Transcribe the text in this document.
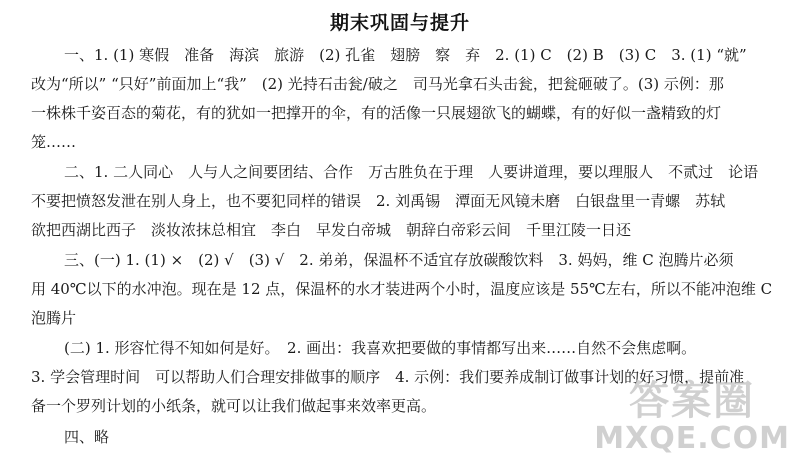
期末巩固与提升
一、1. (1) 寒假　准备　海滨　旅游　(2) 孔雀　翅膀　察　弃　2. (1) C　(2) B　(3) C　3. (1) “就”
改为“所以” “只好”前面加上“我”　(2) 光持石击瓮/破之　司马光拿石头击瓮，把瓮砸破了。(3) 示例：那
一株株千姿百态的菊花，有的犹如一把撑开的伞，有的活像一只展翅欲飞的蝴蝶，有的好似一盏精致的灯
笼……
二、1. 二人同心　人与人之间要团结、合作　万古胜负在于理　人要讲道理，要以理服人　不贰过　论语
不要把愤怒发泄在别人身上，也不要犯同样的错误　2. 刘禹锡　潭面无风镜未磨　白银盘里一青螺　苏轼
欲把西湖比西子　淡妆浓抹总相宜　李白　早发白帝城　朝辞白帝彩云间　千里江陵一日还
三、(一) 1. (1) ×　(2) √　(3) √　2. 弟弟，保温杯不适宜存放碳酸饮料　3. 妈妈，维 C 泡腾片必须
用 40℃以下的水冲泡。现在是 12 点，保温杯的水才装进两个小时，温度应该是 55℃左右，所以不能冲泡维 C
泡腾片
(二) 1. 形容忙得不知如何是好。　2. 画出：我喜欢把要做的事情都写出来……自然不会焦虑啊。
3. 学会管理时间　可以帮助人们合理安排做事的顺序　4. 示例：我们要养成制订做事计划的好习惯，提前准
备一个罗列计划的小纸条，就可以让我们做起事来效率更高。
四、略
答案圈
MXQE.COM
